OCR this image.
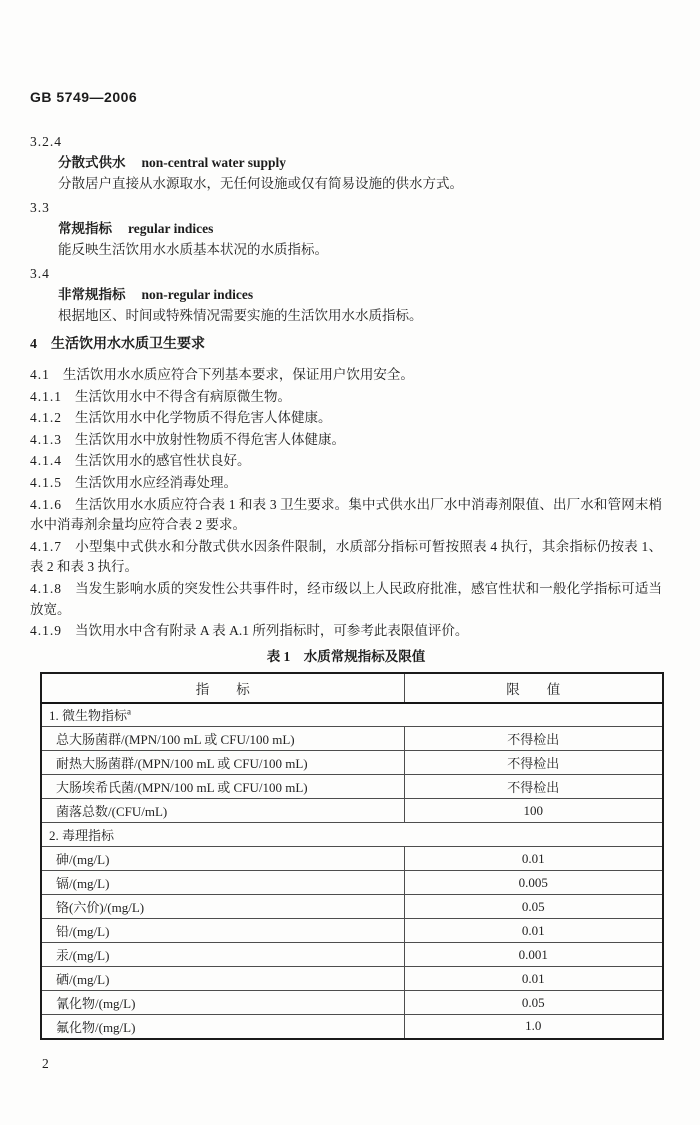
GB 5749—2006
3.2.4
分散式供水 non-central water supply
分散居户直接从水源取水，无任何设施或仅有简易设施的供水方式。
3.3
常规指标 regular indices
能反映生活饮用水水质基本状况的水质指标。
3.4
非常规指标 non-regular indices
根据地区、时间或特殊情况需要实施的生活饮用水水质指标。
4 生活饮用水水质卫生要求
4.1 生活饮用水水质应符合下列基本要求，保证用户饮用安全。
4.1.1 生活饮用水中不得含有病原微生物。
4.1.2 生活饮用水中化学物质不得危害人体健康。
4.1.3 生活饮用水中放射性物质不得危害人体健康。
4.1.4 生活饮用水的感官性状良好。
4.1.5 生活饮用水应经消毒处理。
4.1.6 生活饮用水水质应符合表 1 和表 3 卫生要求。集中式供水出厂水中消毒剂限值、出厂水和管网末梢水中消毒剂余量均应符合表 2 要求。
4.1.7 小型集中式供水和分散式供水因条件限制，水质部分指标可暂按照表 4 执行，其余指标仍按表 1、表 2 和表 3 执行。
4.1.8 当发生影响水质的突发性公共事件时，经市级以上人民政府批准，感官性状和一般化学指标可适当放宽。
4.1.9 当饮用水中含有附录 A 表 A.1 所列指标时，可参考此表限值评价。
表 1　水质常规指标及限值
指　　标	限　　值
1. 微生物指标$^a$
总大肠菌群/(MPN/100 mL 或 CFU/100 mL)	不得检出
耐热大肠菌群/(MPN/100 mL 或 CFU/100 mL)	不得检出
大肠埃希氏菌/(MPN/100 mL 或 CFU/100 mL)	不得检出
菌落总数/(CFU/mL)	100
2. 毒理指标	
砷/(mg/L)	0.01
镉/(mg/L)	0.005
铬(六价)/(mg/L)	0.05
铅/(mg/L)	0.01
汞/(mg/L)	0.001
硒/(mg/L)	0.01
氰化物/(mg/L)	0.05
氟化物/(mg/L)	1.0
2
